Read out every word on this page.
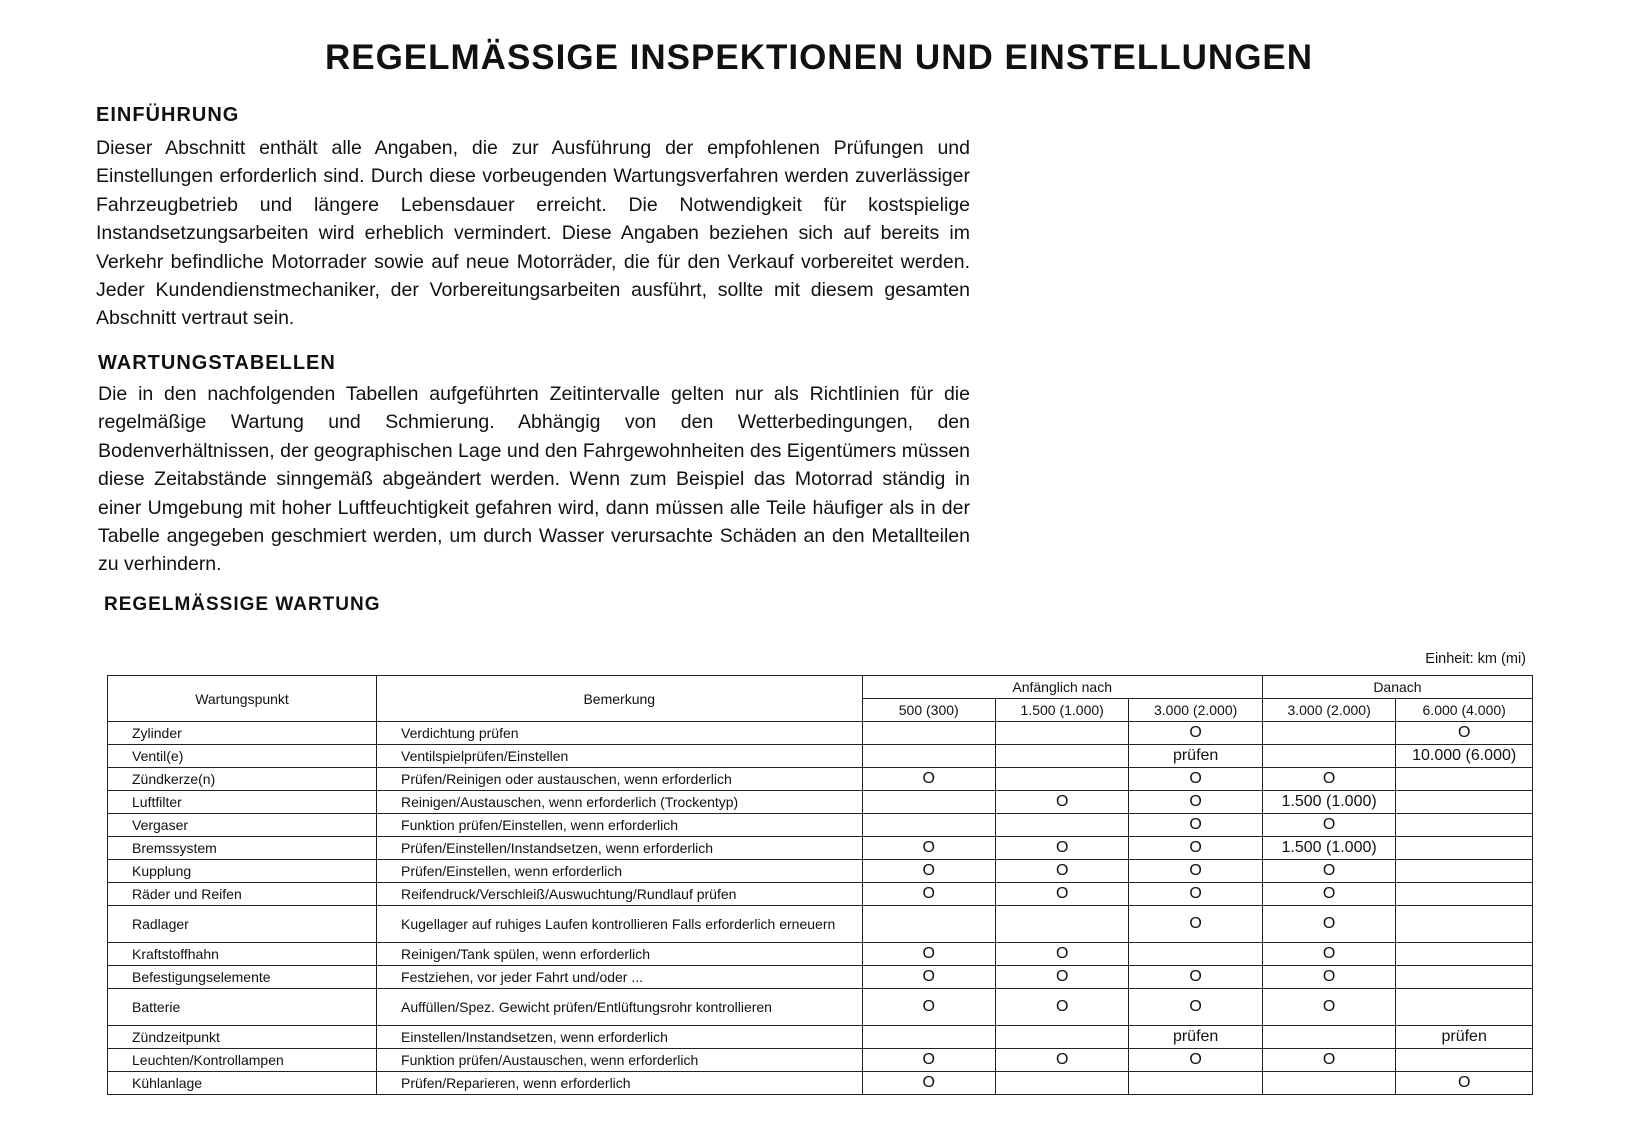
REGELMÄSSIGE INSPEKTIONEN UND EINSTELLUNGEN
EINFÜHRUNG
Dieser Abschnitt enthält alle Angaben, die zur Ausführung der empfohlenen Prüfungen und Einstellungen erforderlich sind. Durch diese vorbeugenden Wartungsverfahren werden zuverlässiger Fahrzeugbetrieb und längere Lebensdauer erreicht. Die Notwendigkeit für kostspielige Instandsetzungsarbeiten wird erheblich vermindert. Diese Angaben beziehen sich auf bereits im Verkehr befindliche Motorrader sowie auf neue Motorräder, die für den Verkauf vorbereitet werden. Jeder Kundendienstmechaniker, der Vorbereitungsarbeiten ausführt, sollte mit diesem gesamten Abschnitt vertraut sein.
WARTUNGSTABELLEN
Die in den nachfolgenden Tabellen aufgeführten Zeitintervalle gelten nur als Richtlinien für die regelmäßige Wartung und Schmierung. Abhängig von den Wetterbedingungen, den Bodenverhältnissen, der geographischen Lage und den Fahrgewohnheiten des Eigentümers müssen diese Zeitabstände sinngemäß abgeändert werden. Wenn zum Beispiel das Motorrad ständig in einer Umgebung mit hoher Luftfeuchtigkeit gefahren wird, dann müssen alle Teile häufiger als in der Tabelle angegeben geschmiert werden, um durch Wasser verursachte Schäden an den Metallteilen zu verhindern.
REGELMÄSSIGE WARTUNG
Einheit: km (mi)
Wartungspunkt	Bemerkung	Anfänglich nach			Danach	
		500 (300)	1.500 (1.000)	3.000 (2.000)	3.000 (2.000)	6.000 (4.000)
Zylinder	Verdichtung prüfen			O		O
Ventil(e)	Ventilspielprüfen/Einstellen			prüfen		10.000 (6.000)
Zündkerze(n)	Prüfen/Reinigen oder austauschen, wenn erforderlich	O		O	O	
Luftfilter	Reinigen/Austauschen, wenn erforderlich (Trockentyp)		O	O	1.500 (1.000)	
Vergaser	Funktion prüfen/Einstellen, wenn erforderlich			O	O	
Bremssystem	Prüfen/Einstellen/Instandsetzen, wenn erforderlich	O	O	O	1.500 (1.000)	
Kupplung	Prüfen/Einstellen, wenn erforderlich	O	O	O	O	
Räder und Reifen	Reifendruck/Verschleiß/Auswuchtung/Rundlauf prüfen	O	O	O	O	
Radlager	Kugellager auf ruhiges Laufen kontrollieren Falls erforderlich erneuern			O	O	
Kraftstoffhahn	Reinigen/Tank spülen, wenn erforderlich	O	O		O	
Befestigungselemente	Festziehen, vor jeder Fahrt und/oder ...	O	O	O	O	
Batterie	Auffüllen/Spez. Gewicht prüfen/Entlüftungsrohr kontrollieren	O	O	O	O	
Zündzeitpunkt	Einstellen/Instandsetzen, wenn erforderlich			prüfen		prüfen
Leuchten/Kontrollampen	Funktion prüfen/Austauschen, wenn erforderlich	O	O	O	O	
Kühlanlage	Prüfen/Reparieren, wenn erforderlich	O				O
